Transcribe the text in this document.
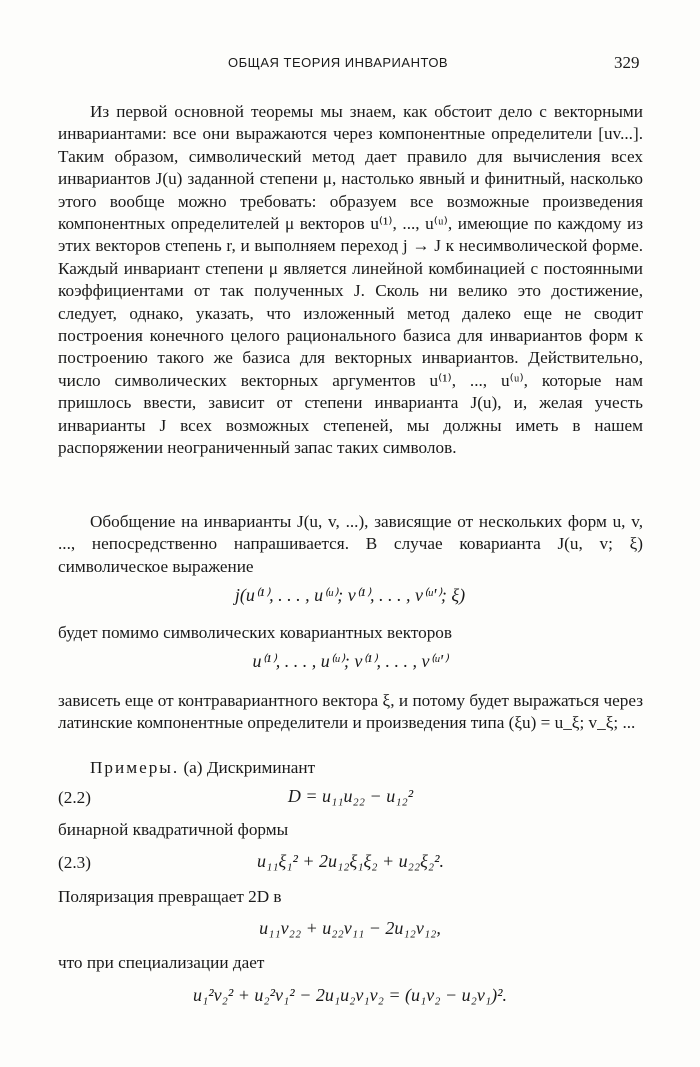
ОБЩАЯ ТЕОРИЯ ИНВАРИАНТОВ	329

Из первой основной теоремы мы знаем, как обстоит дело с векторными инвариантами: все они выражаются через компонентные определители [uv...]. Таким образом, символический метод дает правило для вычисления всех инвариантов J(u) заданной степени μ, настолько явный и финитный, насколько этого вообще можно требовать: образуем все возможные произведения компонентных определителей μ векторов u⁽¹⁾, ..., u⁽ᵘ⁾, имеющие по каждому из этих векторов степень r, и выполняем переход j → J к несимволической форме. Каждый инвариант степени μ является линейной комбинацией с постоянными коэффициентами от так полученных J. Сколь ни велико это достижение, следует, однако, указать, что изложенный метод далеко еще не сводит построения конечного целого рационального базиса для инвариантов форм к построению такого же базиса для векторных инвариантов. Действительно, число символических векторных аргументов u⁽¹⁾, ..., u⁽ᵘ⁾, которые нам пришлось ввести, зависит от степени инварианта J(u), и, желая учесть инварианты J всех возможных степеней, мы должны иметь в нашем распоряжении неограниченный запас таких символов.

Обобщение на инварианты J(u, v, ...), зависящие от нескольких форм u, v, ..., непосредственно напрашивается. В случае ковариантa J(u, v; ξ) символическое выражение

j(u⁽¹⁾, . . . , u⁽ᵘ⁾; v⁽¹⁾, . . . , v⁽ᵘ'⁾; ξ)
будет помимо символических ковариантных векторов
u⁽¹⁾, . . . , u⁽ᵘ⁾; v⁽¹⁾, . . . , v⁽ᵘ'⁾

зависеть еще от контравариантного вектора ξ, и потому будет выражаться через латинские компонентные определители и произведения типа (ξu) = u_ξ; v_ξ; ...

Примеры. (a) Дискриминант
(2.2)	D = u₁₁u₂₂ − u₁₂²
бинарной квадратичной формы
(2.3)	u₁₁ξ₁² + 2u₁₂ξ₁ξ₂ + u₂₂ξ₂².
Поляризация превращает 2D в
u₁₁v₂₂ + u₂₂v₁₁ − 2u₁₂v₁₂,
что при специализации дает
u₁²v₂² + u₂²v₁² − 2u₁u₂v₁v₂ = (u₁v₂ − u₂v₁)².
